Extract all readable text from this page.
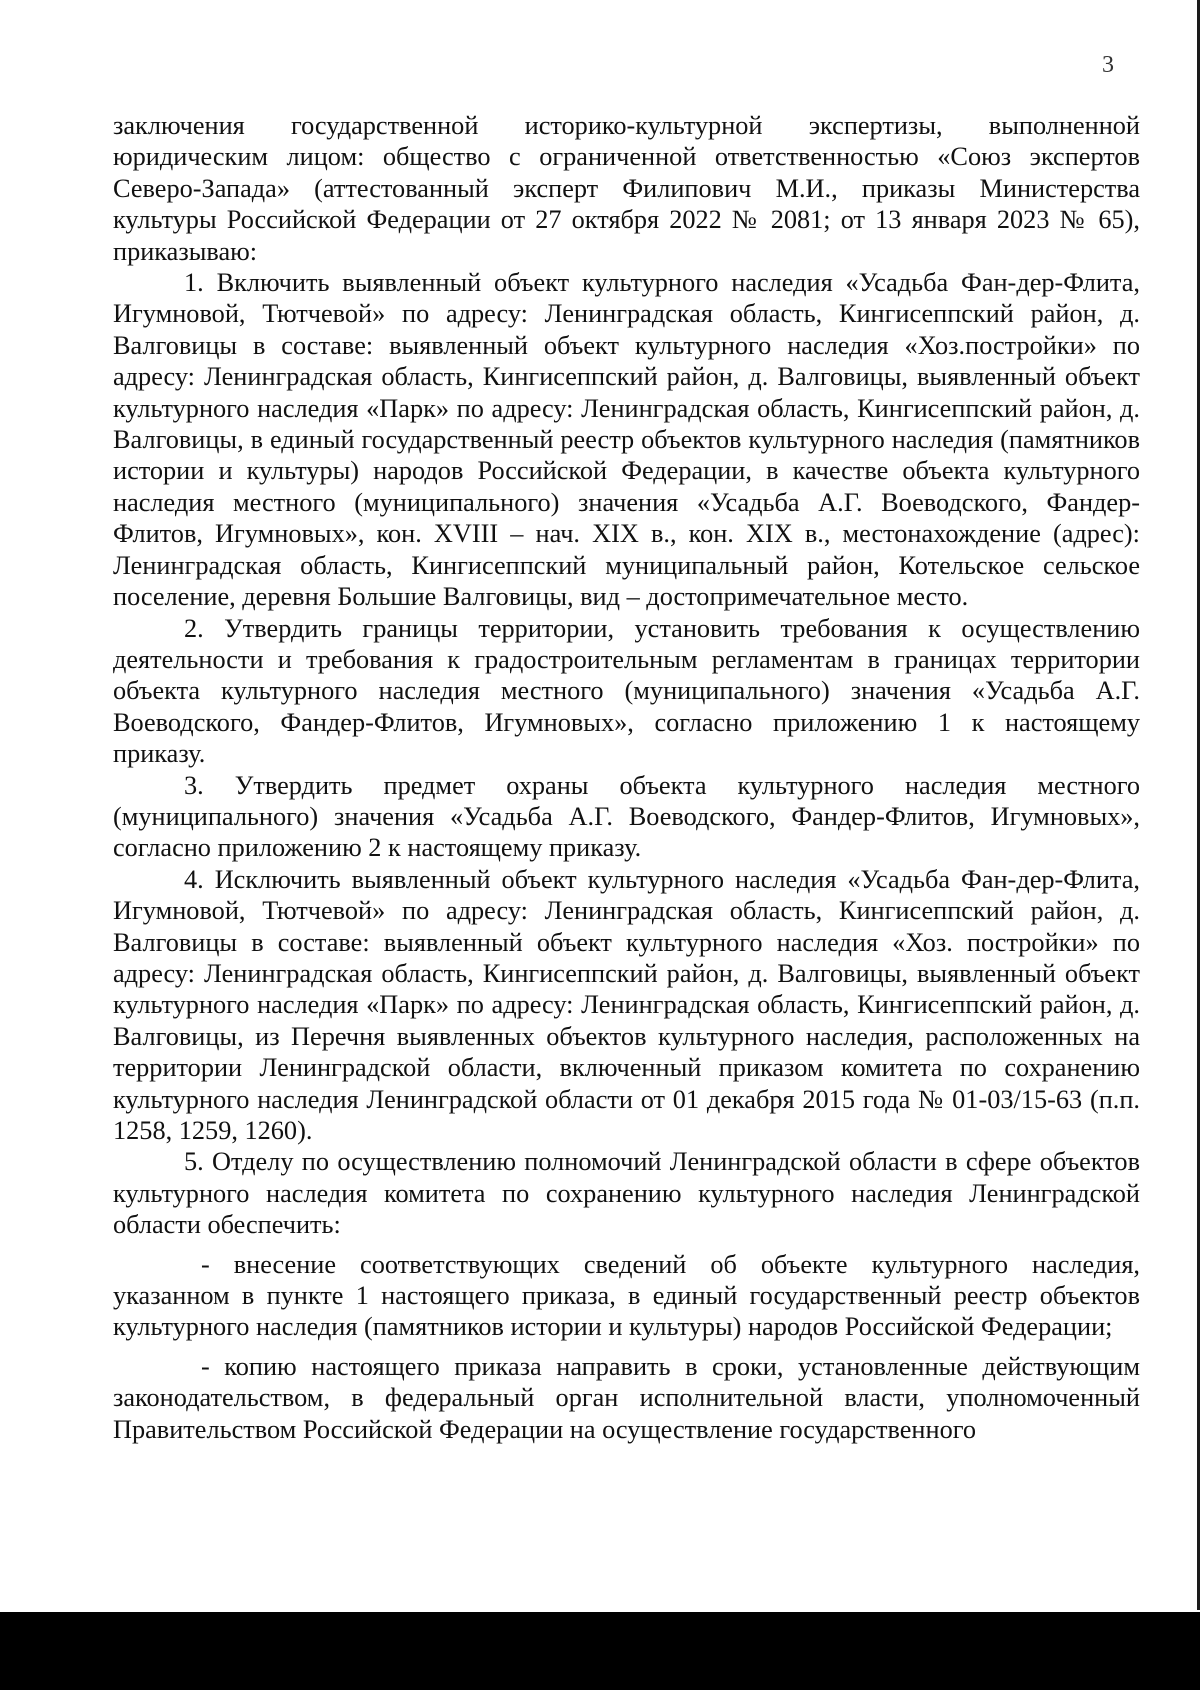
3

заключения государственной историко-культурной экспертизы, выполненной юридическим лицом: общество с ограниченной ответственностью «Союз экспертов Северо-Запада» (аттестованный эксперт Филипович М.И., приказы Министерства культуры Российской Федерации от 27 октября 2022 № 2081; от 13 января 2023 № 65), приказываю:

1. Включить выявленный объект культурного наследия «Усадьба Фан-дер-Флита, Игумновой, Тютчевой» по адресу: Ленинградская область, Кингисеппский район, д. Валговицы в составе: выявленный объект культурного наследия «Хоз.постройки» по адресу: Ленинградская область, Кингисеппский район, д. Валговицы, выявленный объект культурного наследия «Парк» по адресу: Ленинградская область, Кингисеппский район, д. Валговицы, в единый государственный реестр объектов культурного наследия (памятников истории и культуры) народов Российской Федерации, в качестве объекта культурного наследия местного (муниципального) значения «Усадьба А.Г. Воеводского, Фандер-Флитов, Игумновых», кон. XVIII – нач. XIX в., кон. XIX в., местонахождение (адрес): Ленинградская область, Кингисеппский муниципальный район, Котельское сельское поселение, деревня Большие Валговицы, вид – достопримечательное место.

2. Утвердить границы территории, установить требования к осуществлению деятельности и требования к градостроительным регламентам в границах территории объекта культурного наследия местного (муниципального) значения «Усадьба А.Г. Воеводского, Фандер-Флитов, Игумновых», согласно приложению 1 к настоящему приказу.

3. Утвердить предмет охраны объекта культурного наследия местного (муниципального) значения «Усадьба А.Г. Воеводского, Фандер-Флитов, Игумновых», согласно приложению 2 к настоящему приказу.

4. Исключить выявленный объект культурного наследия «Усадьба Фан-дер-Флита, Игумновой, Тютчевой» по адресу: Ленинградская область, Кингисеппский район, д. Валговицы в составе: выявленный объект культурного наследия «Хоз. постройки» по адресу: Ленинградская область, Кингисеппский район, д. Валговицы, выявленный объект культурного наследия «Парк» по адресу: Ленинградская область, Кингисеппский район, д. Валговицы, из Перечня выявленных объектов культурного наследия, расположенных на территории Ленинградской области, включенный приказом комитета по сохранению культурного наследия Ленинградской области от 01 декабря 2015 года № 01-03/15-63 (п.п. 1258, 1259, 1260).

5. Отделу по осуществлению полномочий Ленинградской области в сфере объектов культурного наследия комитета по сохранению культурного наследия Ленинградской области обеспечить:

- внесение соответствующих сведений об объекте культурного наследия, указанном в пункте 1 настоящего приказа, в единый государственный реестр объектов культурного наследия (памятников истории и культуры) народов Российской Федерации;

- копию настоящего приказа направить в сроки, установленные действующим законодательством, в федеральный орган исполнительной власти, уполномоченный Правительством Российской Федерации на осуществление государственного
